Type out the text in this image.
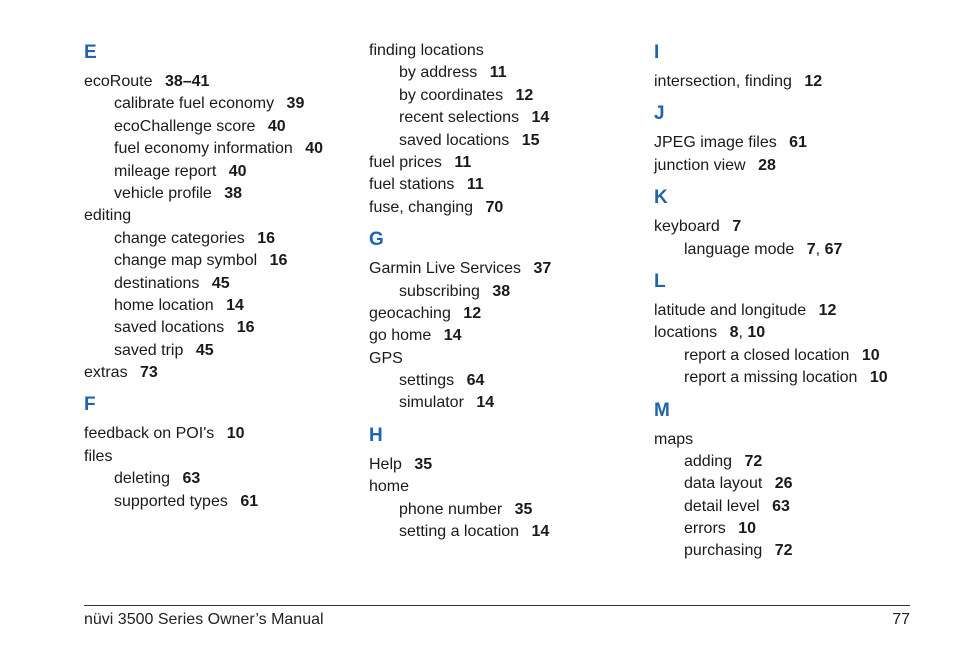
E
ecoRoute  38–41
calibrate fuel economy  39
ecoChallenge score  40
fuel economy information  40
mileage report  40
vehicle profile  38
editing
change categories  16
change map symbol  16
destinations  45
home location  14
saved locations  16
saved trip  45
extras  73
F
feedback on POI's  10
files
deleting  63
supported types  61
finding locations
by address  11
by coordinates  12
recent selections  14
saved locations  15
fuel prices  11
fuel stations  11
fuse, changing  70
G
Garmin Live Services  37
subscribing  38
geocaching  12
go home  14
GPS
settings  64
simulator  14
H
Help  35
home
phone number  35
setting a location  14
I
intersection, finding  12
J
JPEG image files  61
junction view  28
K
keyboard  7
language mode  7, 67
L
latitude and longitude  12
locations  8, 10
report a closed location  10
report a missing location  10
M
maps
adding  72
data layout  26
detail level  63
errors  10
purchasing  72
nüvi 3500 Series Owner’s Manual	77
